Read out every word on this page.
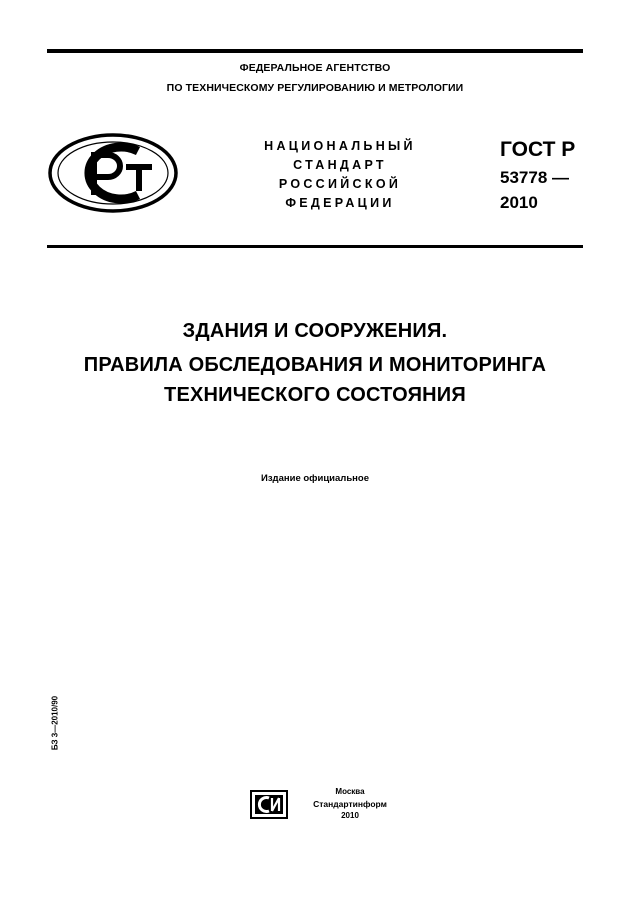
ФЕДЕРАЛЬНОЕ АГЕНТСТВО
ПО ТЕХНИЧЕСКОМУ РЕГУЛИРОВАНИЮ И МЕТРОЛОГИИ
НАЦИОНАЛЬНЫЙ
СТАНДАРТ
РОССИЙСКОЙ
ФЕДЕРАЦИИ
ГОСТ Р
53778 —
2010
ЗДАНИЯ И СООРУЖЕНИЯ.
ПРАВИЛА ОБСЛЕДОВАНИЯ И МОНИТОРИНГА
ТЕХНИЧЕСКОГО СОСТОЯНИЯ
Издание официальное
БЗ 3—2010/90
Москва
Стандартинформ
2010
